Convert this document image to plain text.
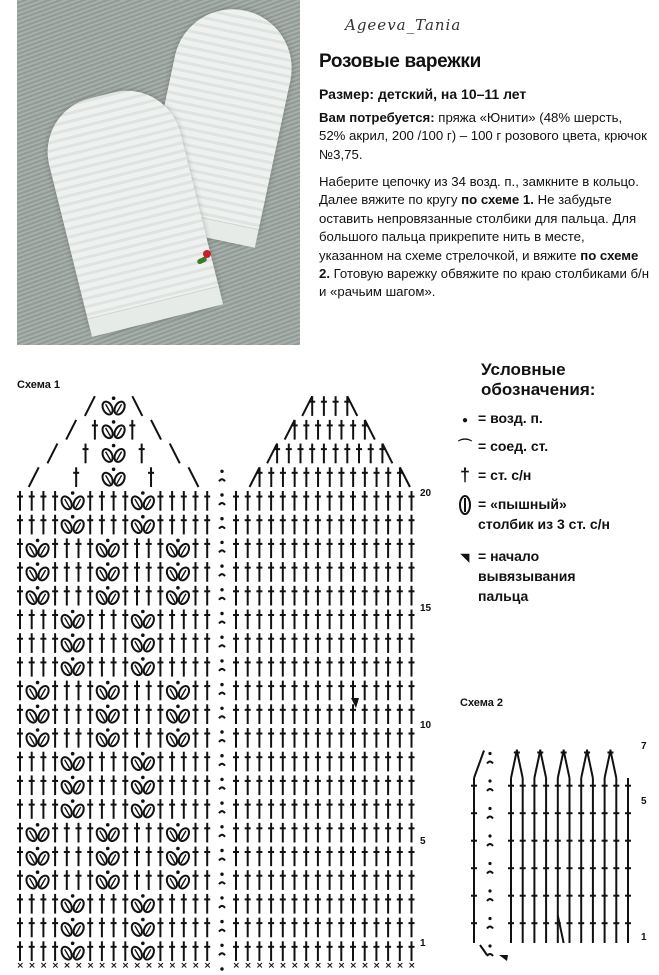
Ageeva_Tania
Розовые варежки
Размер: детский, на 10–11 лет
Вам потребуется: пряжа «Юнити» (48% шерсть, 52% акрил, 200 /100 г) – 100 г розового цвета, крючок №3,75.
Наберите цепочку из 34 возд. п., замкните в кольцо. Далее вяжите по кругу по схеме 1. Не забудьте оставить непровязанные столбики для пальца. Для большого пальца прикрепите нить в месте, указанном на схеме стрелочкой, и вяжите по схеме 2. Готовую варежку обвяжите по краю столбиками б/н и «рачьим шагом».
Схема 1
Схема 2
Условные
обозначения:
● = возд. п.
⌒ = соед. ст.
† = ст. с/н
= «пышный»
столбик из 3 ст. с/н
◥ = начало
вывязывания
пальца
1
5
10
15
20
1
5
7
× × × × × × × × × × × × × × × × × × × × × × × × × × × × × × × × ×
